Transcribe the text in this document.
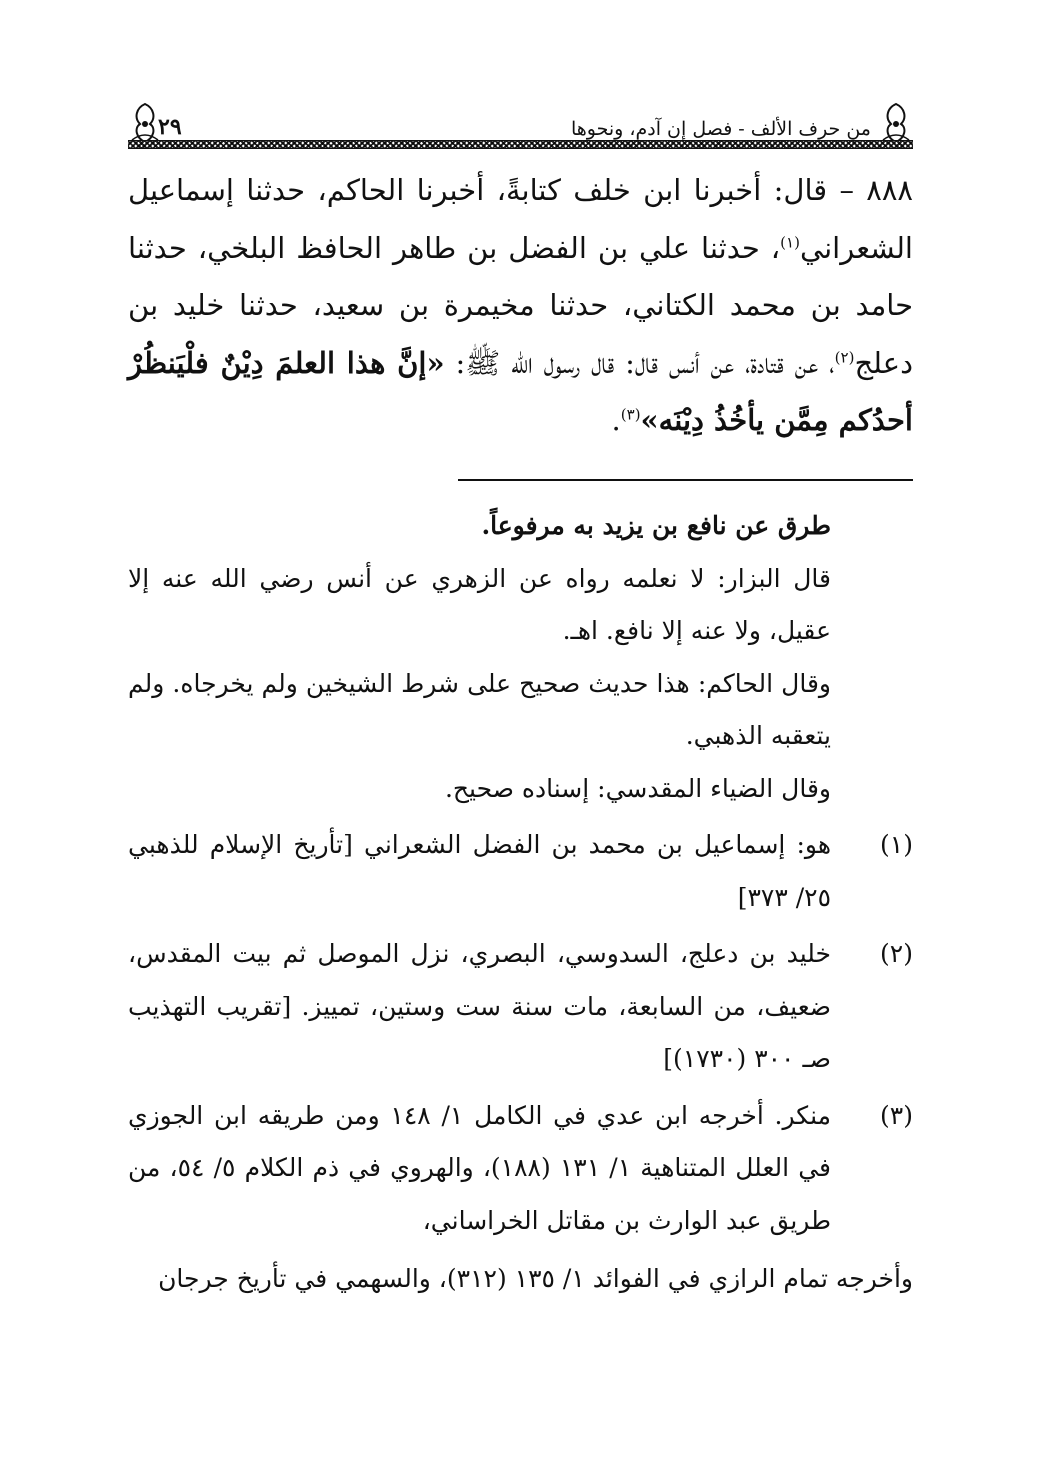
من حرف الألف - فصل إن آدم، ونحوها
٢٩

٨٨٨ – قال: أخبرنا ابن خلف كتابةً، أخبرنا الحاكم، حدثنا إسماعيل الشعراني$^{(١)}$، حدثنا علي بن الفضل بن طاهر الحافظ البلخي، حدثنا حامد بن محمد الكتاني، حدثنا مخيمرة بن سعيد، حدثنا خليد بن دعلج$^{(٢)}$، عن قتادة، عن أنس قال: قال رسول الله ﷺ: «إنَّ هذا العلمَ دِيْنٌ فلْيَنظُرْ أحدُكم مِمَّن يأخُذُ دِيْنَه»$^{(٣)}$.

طرق عن نافع بن يزيد به مرفوعاً.

قال البزار: لا نعلمه رواه عن الزهري عن أنس رضي الله عنه إلا عقيل، ولا عنه إلا نافع. اهـ.

وقال الحاكم: هذا حديث صحيح على شرط الشيخين ولم يخرجاه. ولم يتعقبه الذهبي.

وقال الضياء المقدسي: إسناده صحيح.

(١)

هو: إسماعيل بن محمد بن الفضل الشعراني [تأريخ الإسلام للذهبي ٢٥/ ٣٧٣]

(٢)

خليد بن دعلج، السدوسي، البصري، نزل الموصل ثم بيت المقدس، ضعيف، من السابعة، مات سنة ست وستين، تمييز. [تقريب التهذيب صـ ٣٠٠ (١٧٣٠)]

(٣)

منكر. أخرجه ابن عدي في الكامل ١/ ١٤٨ ومن طريقه ابن الجوزي في العلل المتناهية ١/ ١٣١ (١٨٨)، والهروي في ذم الكلام ٥/ ٥٤، من طريق عبد الوارث بن مقاتل الخراساني،

وأخرجه تمام الرازي في الفوائد ١/ ١٣٥ (٣١٢)، والسهمي في تأريخ جرجان
